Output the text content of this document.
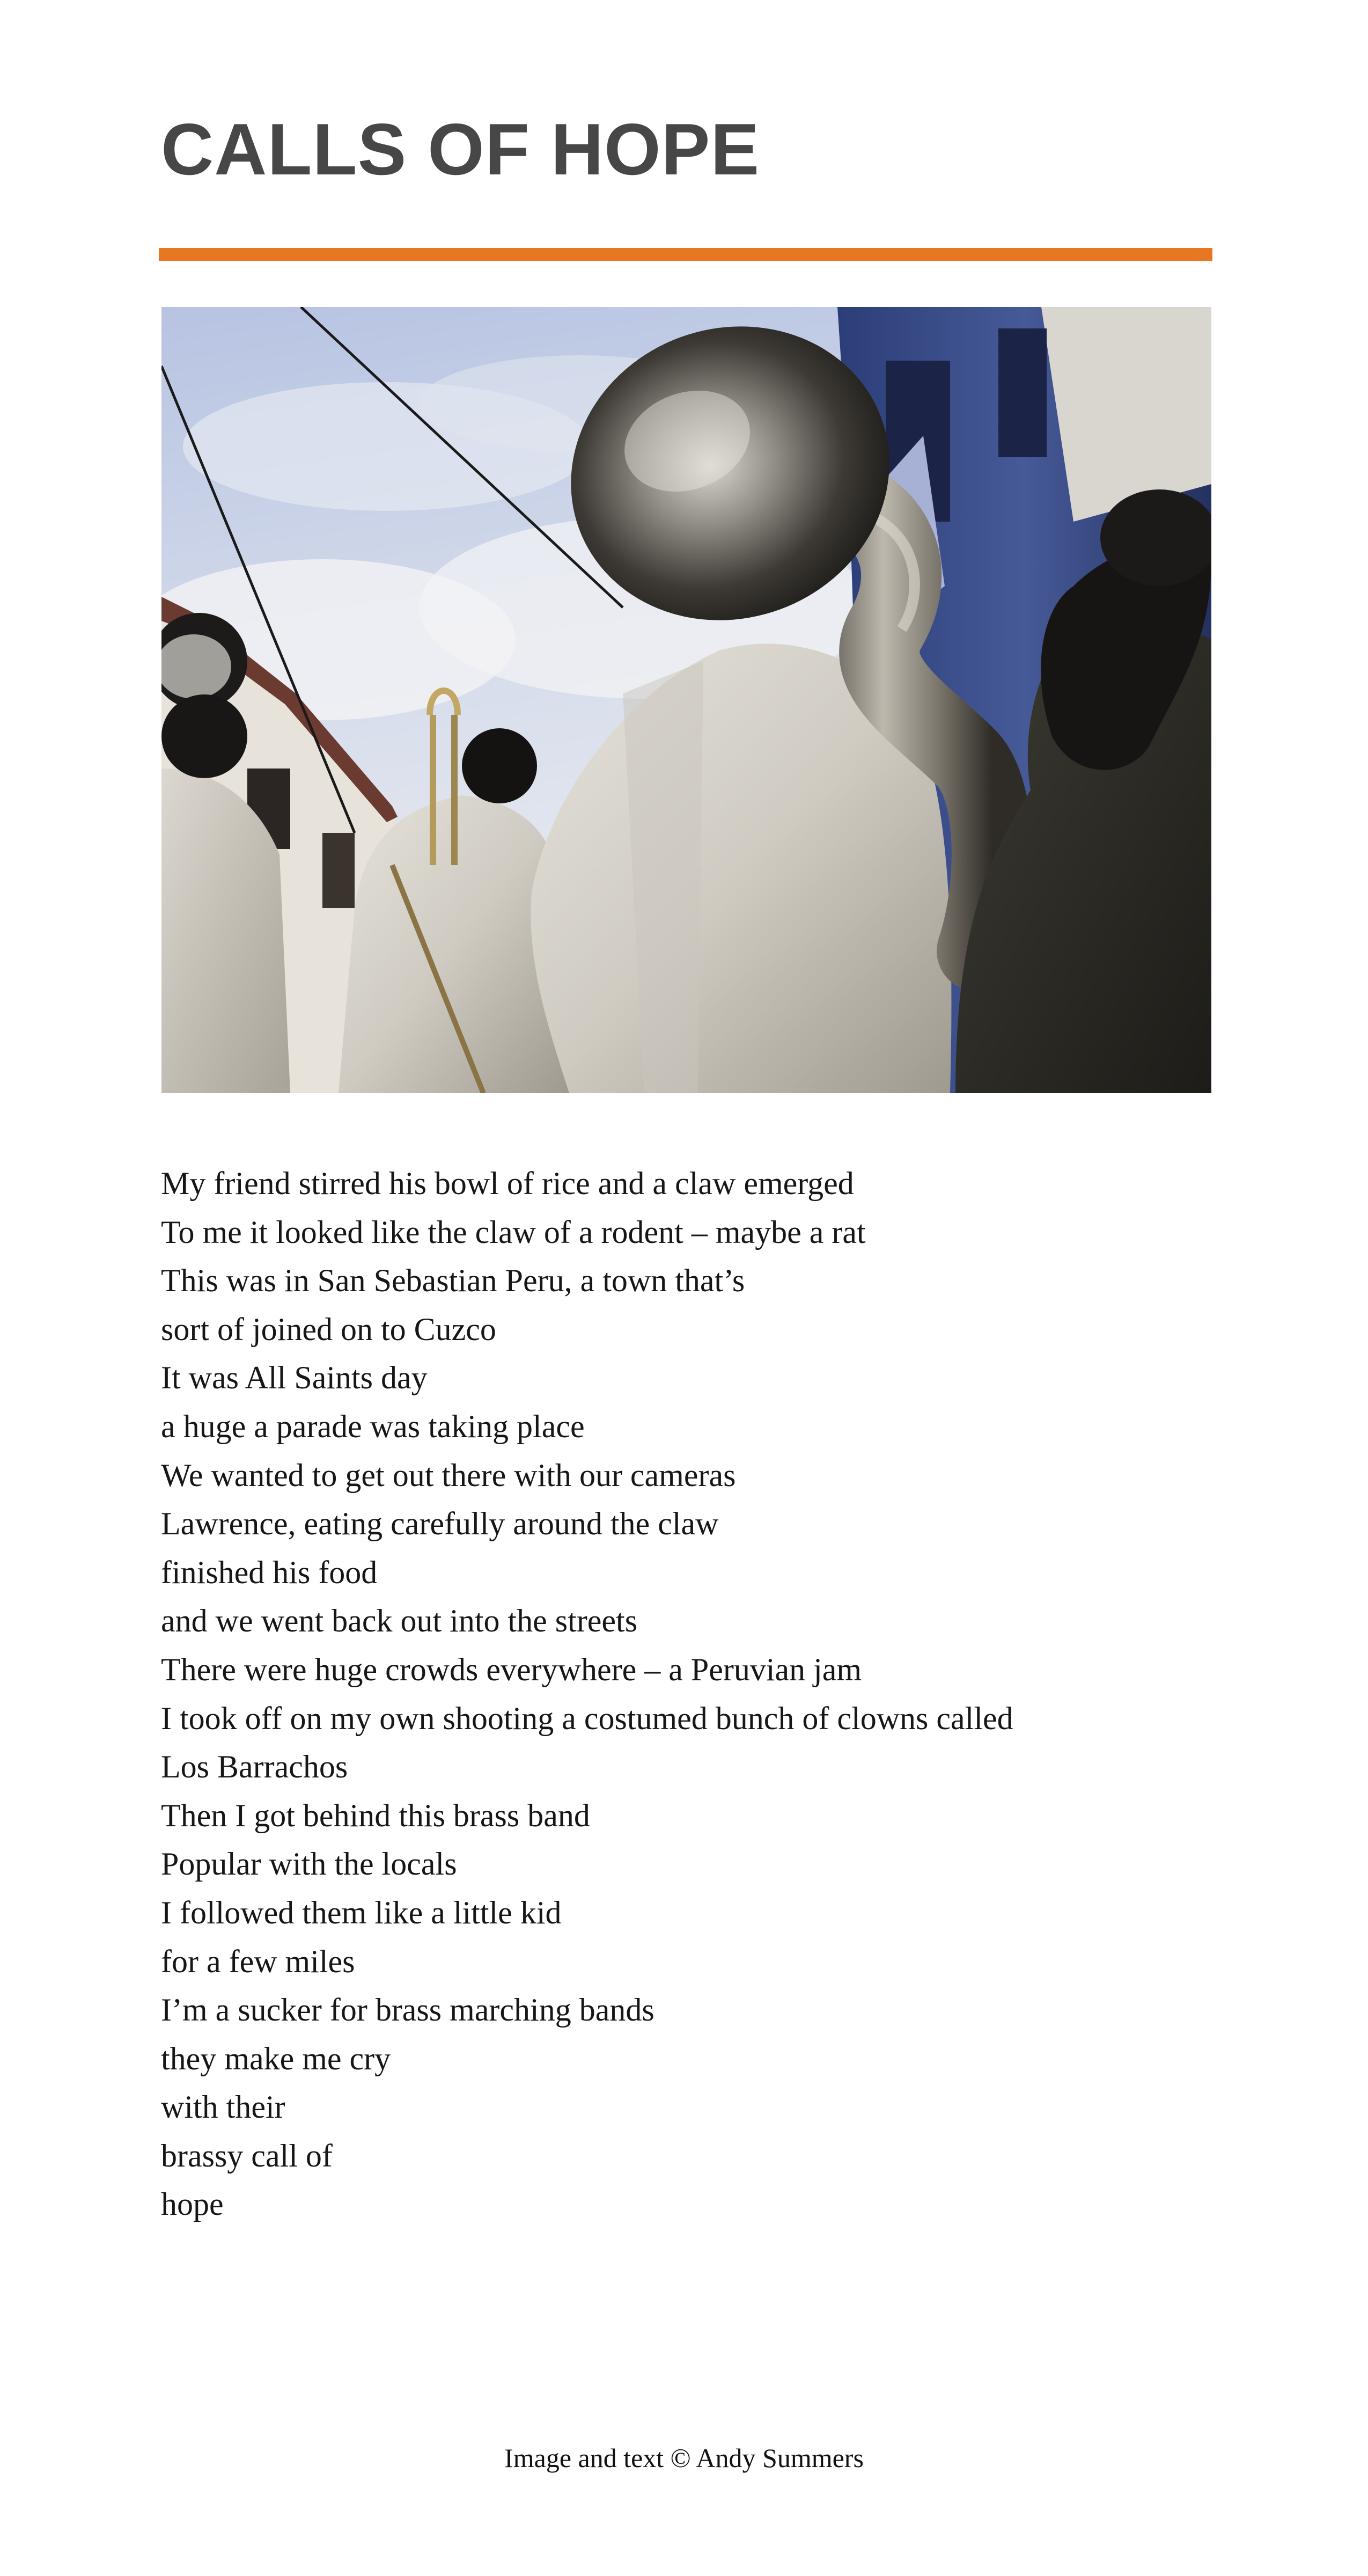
CALLS OF HOPE
My friend stirred his bowl of rice and a claw emerged
To me it looked like the claw of a rodent – maybe a rat
This was in San Sebastian Peru, a town that’s
sort of joined on to Cuzco
It was All Saints day
a huge a parade was taking place
We wanted to get out there with our cameras
Lawrence, eating carefully around the claw
finished his food
and we went back out into the streets
There were huge crowds everywhere – a Peruvian jam
I took off on my own shooting a costumed bunch of clowns called
Los Barrachos
Then I got behind this brass band
Popular with the locals
I followed them like a little kid
for a few miles
I’m a sucker for brass marching bands
they make me cry
with their
brassy call of
hope
Image and text © Andy Summers
